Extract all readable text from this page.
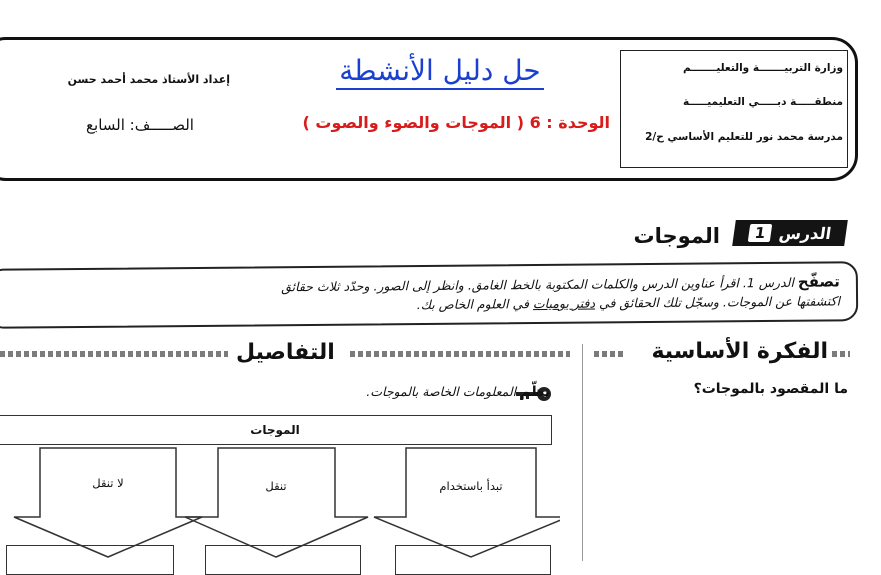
وزارة التربيـــــــة والتعليـــــــم
منطقـــــة دبـــــي التعليميـــــة
مدرسة محمد نور للتعليم الأساسي ح/2
حل دليل الأنشطة
إعداد الأستاذ محمد أحمد حسن
الوحدة : 6 ( الموجات والضوء والصوت )
الصـــــف: السابع
الدرس
1
الموجات
تصفّح الدرس 1. اقرأ عناوين الدرس والكلمات المكتوبة بالخط الغامق. وانظر إلى الصور. وحدّد ثلاث حقائق
اكتشفتها عن الموجات. وسجّل تلك الحقائق في دفتر يوميات في العلوم الخاص بك.
التفاصيل	الفكرة الأساسية
ما المقصود بالموجات؟
نظّم المعلومات الخاصة بالموجات.
الموجات
تبدأ باستخدام
تنقل
لا تنقل
